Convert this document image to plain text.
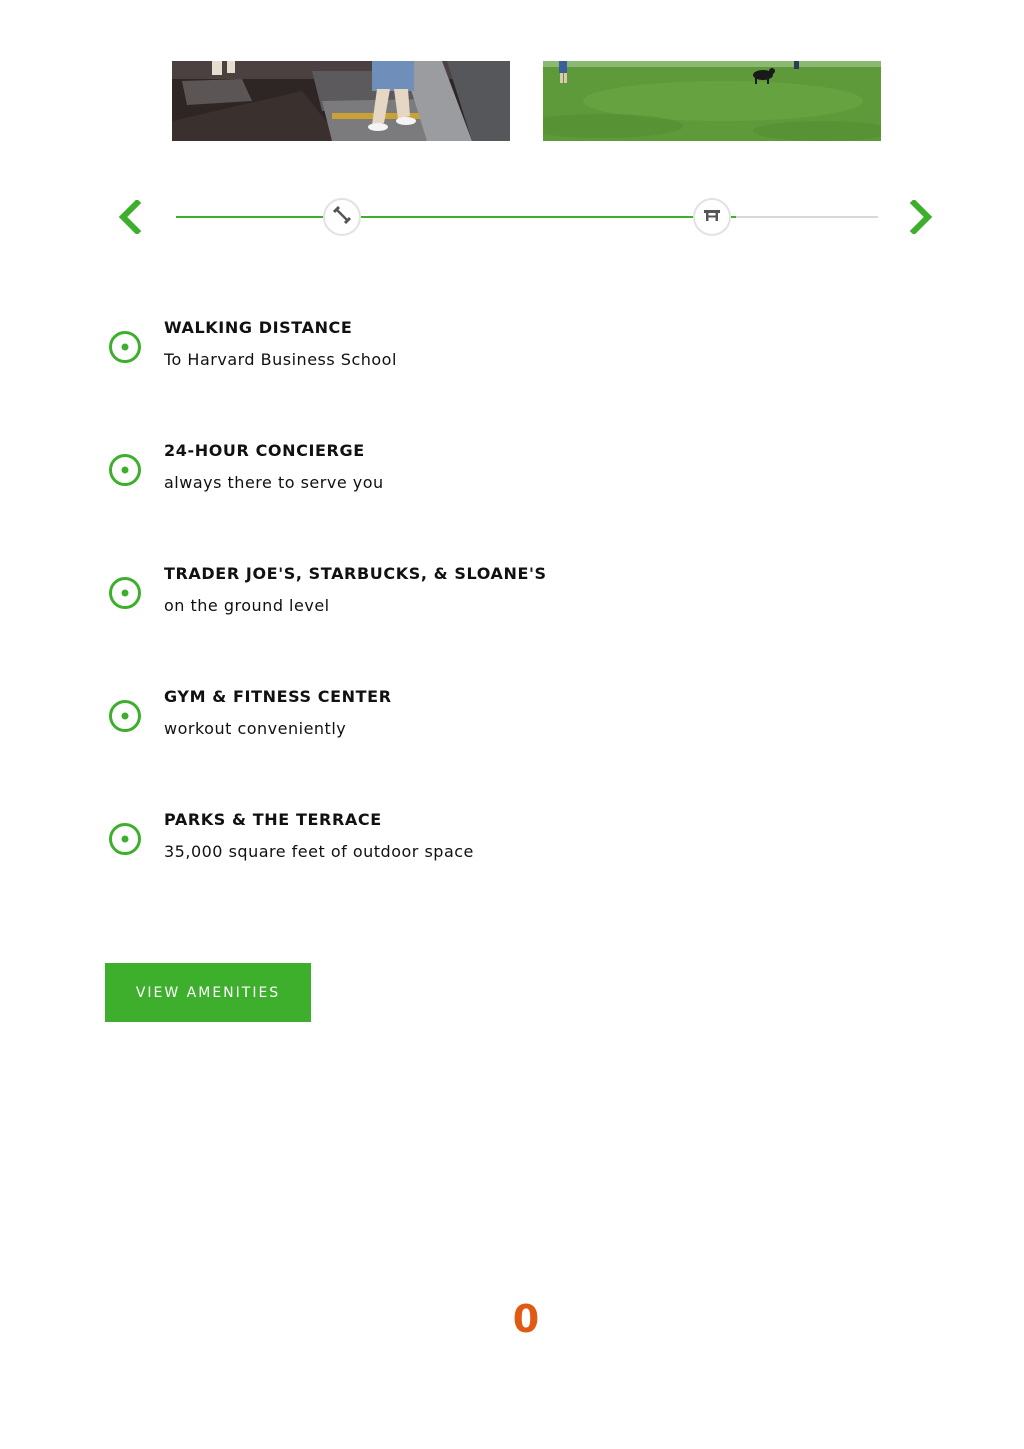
WALKING DISTANCE
To Harvard Business School
24-HOUR CONCIERGE
always there to serve you
TRADER JOE'S, STARBUCKS, & SLOANE'S
on the ground level
GYM & FITNESS CENTER
workout conveniently
PARKS & THE TERRACE
35,000 square feet of outdoor space
VIEW AMENITIES
0
